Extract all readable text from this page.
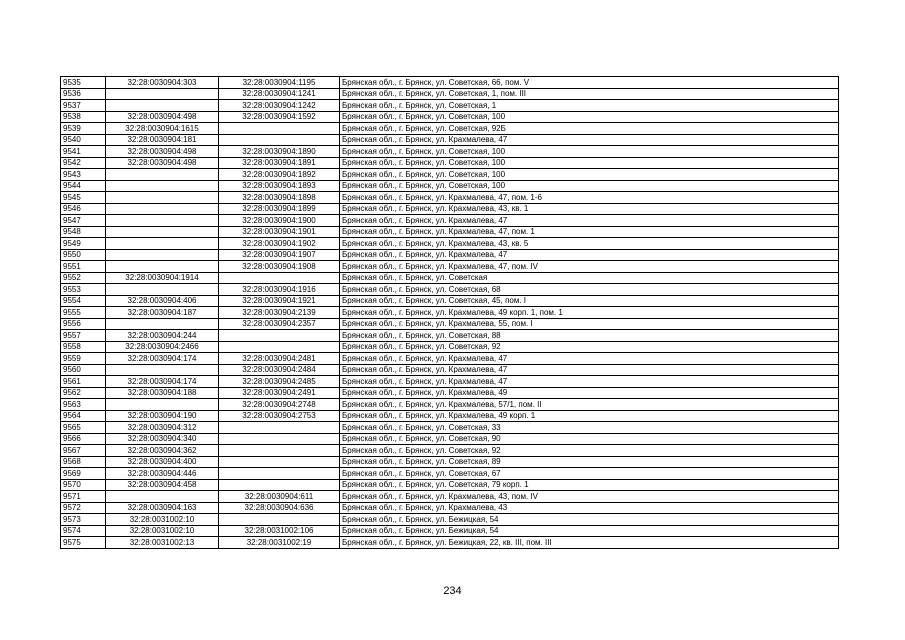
9535	32:28:0030904:303	32:28:0030904:1195	Брянская обл., г. Брянск, ул. Советская, 66, пом. V
9536		32:28:0030904:1241	Брянская обл., г. Брянск, ул. Советская, 1, пом. III
9537		32:28:0030904:1242	Брянская обл., г. Брянск, ул. Советская, 1
9538	32:28:0030904:498	32:28:0030904:1592	Брянская обл., г. Брянск, ул. Советская, 100
9539	32:28:0030904:1615		Брянская обл., г. Брянск, ул. Советская, 92Б
9540	32:28:0030904:181		Брянская обл., г. Брянск, ул. Крахмалева, 47
9541	32:28:0030904:498	32:28:0030904:1890	Брянская обл., г. Брянск, ул. Советская, 100
9542	32:28:0030904:498	32:28:0030904:1891	Брянская обл., г. Брянск, ул. Советская, 100
9543		32:28:0030904:1892	Брянская обл., г. Брянск, ул. Советская, 100
9544		32:28:0030904:1893	Брянская обл., г. Брянск, ул. Советская, 100
9545		32:28:0030904:1898	Брянская обл., г. Брянск, ул. Крахмалева, 47, пом. 1-6
9546		32:28:0030904:1899	Брянская обл., г. Брянск, ул. Крахмалева, 43, кв. 1
9547		32:28:0030904:1900	Брянская обл., г. Брянск, ул. Крахмалева, 47
9548		32:28:0030904:1901	Брянская обл., г. Брянск, ул. Крахмалева, 47, пом. 1
9549		32:28:0030904:1902	Брянская обл., г. Брянск, ул. Крахмалева, 43, кв. 5
9550		32:28:0030904:1907	Брянская обл., г. Брянск, ул. Крахмалева, 47
9551		32:28:0030904:1908	Брянская обл., г. Брянск, ул. Крахмалева, 47, пом. IV
9552	32:28:0030904:1914		Брянская обл., г. Брянск, ул. Советская
9553		32:28:0030904:1916	Брянская обл., г. Брянск, ул. Советская, 68
9554	32:28:0030904:406	32:28:0030904:1921	Брянская обл., г. Брянск, ул. Советская, 45, пом. I
9555	32:28:0030904:187	32:28:0030904:2139	Брянская обл., г. Брянск, ул. Крахмалева, 49 корп. 1, пом. 1
9556		32:28:0030904:2357	Брянская обл., г. Брянск, ул. Крахмалева, 55, пом. I
9557	32:28:0030904:244		Брянская обл., г. Брянск, ул. Советская, 88
9558	32:28:0030904:2466		Брянская обл., г. Брянск, ул. Советская, 92
9559	32:28:0030904:174	32:28:0030904:2481	Брянская обл., г. Брянск, ул. Крахмалева, 47
9560		32:28:0030904:2484	Брянская обл., г. Брянск, ул. Крахмалева, 47
9561	32:28:0030904:174	32:28:0030904:2485	Брянская обл., г. Брянск, ул. Крахмалева, 47
9562	32:28:0030904:188	32:28:0030904:2491	Брянская обл., г. Брянск, ул. Крахмалева, 49
9563		32:28:0030904:2748	Брянская обл., г. Брянск, ул. Крахмалева, 57/1, пом. II
9564	32:28:0030904:190	32:28:0030904:2753	Брянская обл., г. Брянск, ул. Крахмалева, 49 корп. 1
9565	32:28:0030904:312		Брянская обл., г. Брянск, ул. Советская, 33
9566	32:28:0030904:340		Брянская обл., г. Брянск, ул. Советская, 90
9567	32:28:0030904:362		Брянская обл., г. Брянск, ул. Советская, 92
9568	32:28:0030904:400		Брянская обл., г. Брянск, ул. Советская, 89
9569	32:28:0030904:446		Брянская обл., г. Брянск, ул. Советская, 67
9570	32:28:0030904:458		Брянская обл., г. Брянск, ул. Советская, 79 корп. 1
9571		32:28:0030904:611	Брянская обл., г. Брянск, ул. Крахмалева, 43, пом. IV
9572	32:28:0030904:163	32:28:0030904:636	Брянская обл., г. Брянск, ул. Крахмалева, 43
9573	32:28:0031002:10		Брянская обл., г. Брянск, ул. Бежицкая, 54
9574	32:28:0031002:10	32:28:0031002:106	Брянская обл., г. Брянск, ул. Бежицкая, 54
9575	32:28:0031002:13	32:28:0031002:19	Брянская обл., г. Брянск, ул. Бежицкая, 22, кв. III, пом. III
234
